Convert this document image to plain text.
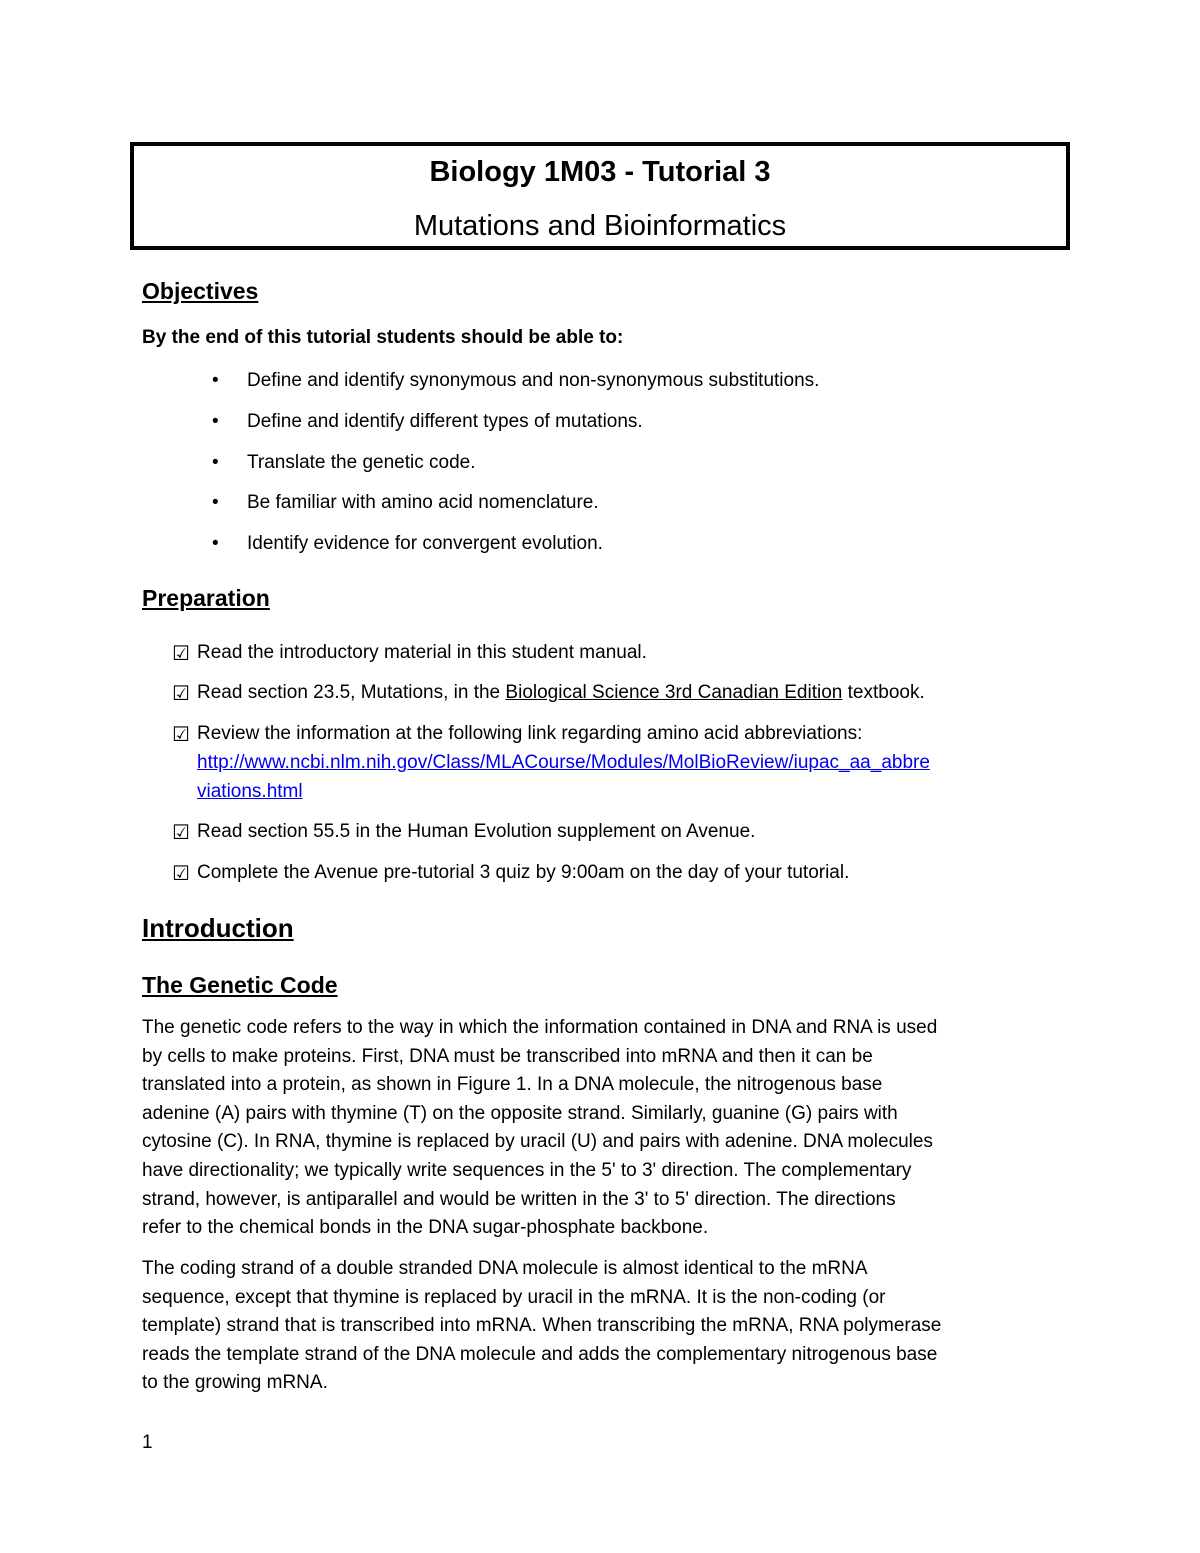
Biology 1M03 - Tutorial 3
Mutations and Bioinformatics
Objectives
By the end of this tutorial students should be able to:
• Define and identify synonymous and non-synonymous substitutions.
• Define and identify different types of mutations.
• Translate the genetic code.
• Be familiar with amino acid nomenclature.
• Identify evidence for convergent evolution.
Preparation
☑ Read the introductory material in this student manual.
☑ Read section 23.5, Mutations, in the Biological Science 3rd Canadian Edition textbook.
☑ Review the information at the following link regarding amino acid abbreviations:
http://www.ncbi.nlm.nih.gov/Class/MLACourse/Modules/MolBioReview/iupac_aa_abbre
viations.html
☑ Read section 55.5 in the Human Evolution supplement on Avenue.
☑ Complete the Avenue pre-tutorial 3 quiz by 9:00am on the day of your tutorial.
Introduction
The Genetic Code
The genetic code refers to the way in which the information contained in DNA and RNA is used
by cells to make proteins. First, DNA must be transcribed into mRNA and then it can be
translated into a protein, as shown in Figure 1. In a DNA molecule, the nitrogenous base
adenine (A) pairs with thymine (T) on the opposite strand. Similarly, guanine (G) pairs with
cytosine (C). In RNA, thymine is replaced by uracil (U) and pairs with adenine. DNA molecules
have directionality; we typically write sequences in the 5' to 3' direction. The complementary
strand, however, is antiparallel and would be written in the 3' to 5' direction. The directions
refer to the chemical bonds in the DNA sugar-phosphate backbone.
The coding strand of a double stranded DNA molecule is almost identical to the mRNA
sequence, except that thymine is replaced by uracil in the mRNA. It is the non-coding (or
template) strand that is transcribed into mRNA. When transcribing the mRNA, RNA polymerase
reads the template strand of the DNA molecule and adds the complementary nitrogenous base
to the growing mRNA.
1
